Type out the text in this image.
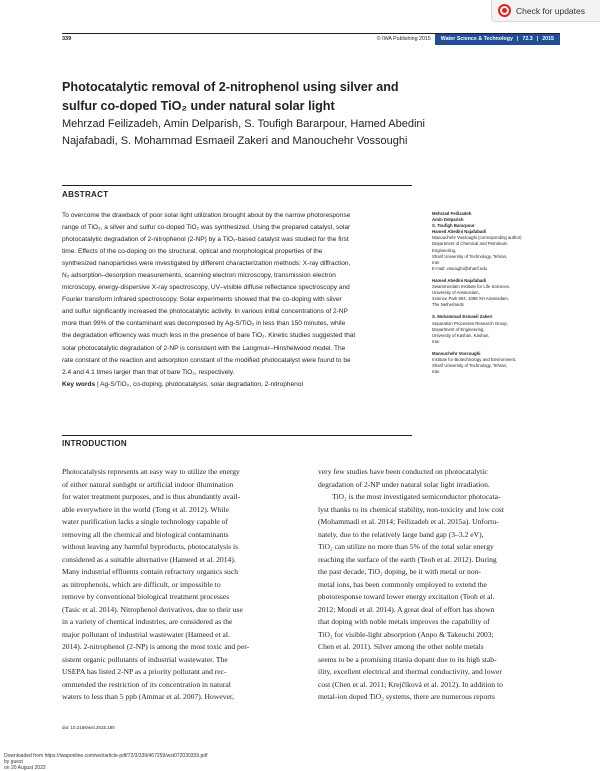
Check for updates
339	© IWA Publishing 2015	Water Science & Technology | 72.3 | 2015
Photocatalytic removal of 2-nitrophenol using silver and
sulfur co-doped TiO₂ under natural solar light
Mehrzad Feilizadeh, Amin Delparish, S. Toufigh Bararpour, Hamed Abedini
Najafabadi, S. Mohammad Esmaeil Zakeri and Manouchehr Vossoughi
ABSTRACT
To overcome the drawback of poor solar light utilization brought about by the narrow photoresponse
range of TiO₂, a silver and sulfur co-doped TiO₂ was synthesized. Using the prepared catalyst, solar
photocatalytic degradation of 2-nitrophenol (2-NP) by a TiO₂-based catalyst was studied for the first
time. Effects of the co-doping on the structural, optical and morphological properties of the
synthesized nanoparticles were investigated by different characterization methods: X-ray diffraction,
N₂ adsorption–desorption measurements, scanning electron microscopy, transmission electron
microscopy, energy-dispersive X-ray spectroscopy, UV–visible diffuse reflectance spectroscopy and
Fourier transform infrared spectroscopy. Solar experiments showed that the co-doping with silver
and sulfur significantly increased the photocatalytic activity. In various initial concentrations of 2-NP
more than 99% of the contaminant was decomposed by Ag-S/TiO₂ in less than 150 minutes, while
the degradation efficiency was much less in the presence of bare TiO₂. Kinetic studies suggested that
solar photocatalytic degradation of 2-NP is consistent with the Langmuir–Hinshelwood model. The
rate constant of the reaction and adsorption constant of the modified photocatalyst were found to be
2.4 and 4.1 times larger than that of bare TiO₂, respectively.
Key words | Ag-S/TiO₂, co-doping, photocatalysis, solar degradation, 2-nitrophenol
Mehrzad Feilizadeh
Amin Delparish
S. Toufigh Bararpour
Hamed Abedini Najafabadi
Manouchehr Vossoughi (corresponding author)
Department of Chemical and Petroleum
Engineering,
Sharif University of Technology, Tehran,
Iran
E-mail: vosoughi@sharif.edu
Hamed Abedini Najafabadi
Swammerdam Institute for Life Sciences,
University of Amsterdam,
Science Park 904, 1098 XH Amsterdam,
The Netherlands
S. Mohammad Esmaeil Zakeri
Separation Processes Research Group,
Department of Engineering,
University of Kashan, Kashan,
Iran
Manouchehr Vossoughi
Institute for Biotechnology and Environment,
Sharif University of Technology, Tehran,
Iran
INTRODUCTION
Photocatalysis represents an easy way to utilize the energy
of either natural sunlight or artificial indoor illumination
for water treatment purposes, and is thus abundantly avail-
able everywhere in the world (Tong et al. 2012). While
water purification lacks a single technology capable of
removing all the chemical and biological contaminants
without leaving any harmful byproducts, photocatalysis is
considered as a suitable alternative (Hameed et al. 2014).
Many industrial effluents contain refractory organics such
as nitrophenols, which are difficult, or impossible to
remove by conventional biological treatment processes
(Tasic et al. 2014). Nitrophenol derivatives, due to their use
in a variety of chemical industries, are considered as the
major pollutant of industrial wastewater (Hameed et al.
2014). 2-nitrophenol (2-NP) is among the most toxic and per-
sistent organic pollutants of industrial wastewater. The
USEPA has listed 2-NP as a priority pollutant and rec-
ommended the restriction of its concentration in natural
waters to less than 5 ppb (Ammar et al. 2007). However,
very few studies have been conducted on photocatalytic
degradation of 2-NP under natural solar light irradiation.
TiO₂ is the most investigated semiconductor photocata-
lyst thanks to its chemical stability, non-toxicity and low cost
(Mohammadi et al. 2014; Feilizadeh et al. 2015a). Unfortu-
nately, due to the relatively large band gap (3–3.2 eV),
TiO₂ can utilize no more than 5% of the total solar energy
reaching the surface of the earth (Teoh et al. 2012). During
the past decade, TiO₂ doping, be it with metal or non-
metal ions, has been commonly employed to extend the
photoresponse toward lower energy excitation (Teoh et al.
2012; Mondi et al. 2014). A great deal of effort has shown
that doping with noble metals improves the capability of
TiO₂ for visible-light absorption (Anpo & Takeuchi 2003;
Chen et al. 2011). Silver among the other noble metals
seems to be a promising titania dopant due to its high stab-
ility, excellent electrical and thermal conductivity, and lower
cost (Chen et al. 2011; Krejčíková et al. 2012). In addition to
metal-ion doped TiO₂ systems, there are numerous reports
doi: 10.2166/wst.2015.180
Downloaded from https://iwaponline.com/wst/article-pdf/72/3/339/467259/wst072030339.pdf
by guest
on 20 August 2022
